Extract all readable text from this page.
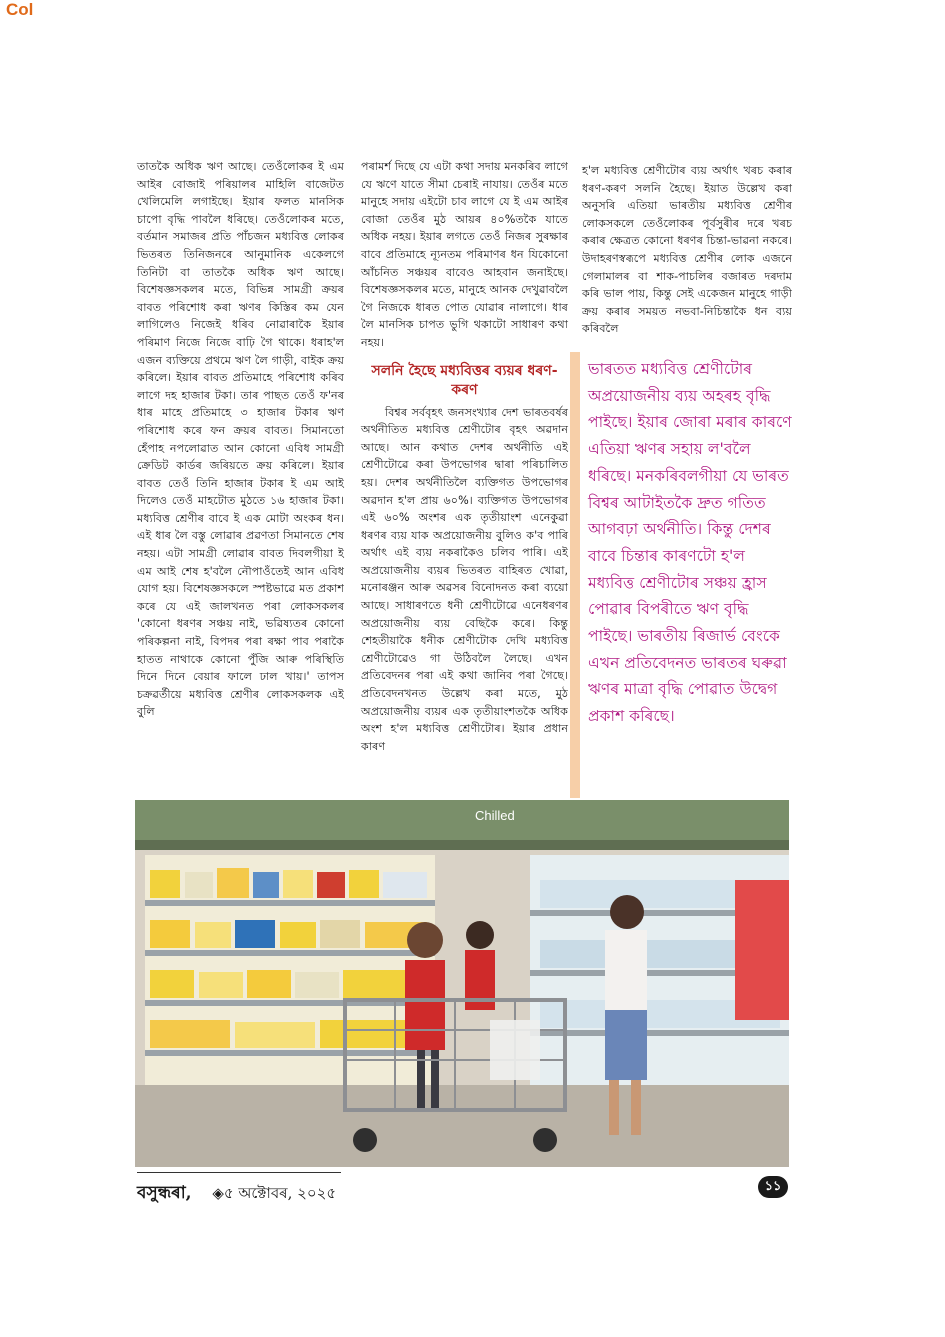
Col

তাতকৈ অধিক ঋণ আছে। তেওঁলোকৰ ই এম আইৰ বোজাই পৰিয়ালৰ মাহিলি বাজেটত খেলিমেলি লগাইছে। ইয়াৰ ফলত মানসিক চাপো বৃদ্ধি পাবলৈ ধৰিছে। তেওঁলোকৰ মতে, বৰ্তমান সমাজৰ প্ৰতি পাঁচজন মধ্যবিত্ত লোকৰ ভিতৰত তিনিজনৰে আনুমানিক একেলগে তিনিটা বা তাতকৈ অধিক ঋণ আছে। বিশেষজ্ঞসকলৰ মতে, বিভিন্ন সামগ্ৰী ক্ৰয়ৰ বাবত পৰিশোধ কৰা ঋণৰ কিস্তিৰ কম যেন লাগিলেও নিজেই ধৰিব নোৱাৰাকৈ ইয়াৰ পৰিমাণ নিজে নিজে বাঢ়ি গৈ থাকে। ধৰাহ'ল এজন ব্যক্তিয়ে প্ৰথমে ঋণ লৈ গাড়ী, বাইক ক্ৰয় কৰিলে। ইয়াৰ বাবত প্ৰতিমাহে পৰিশোধ কৰিব লাগে দহ হাজাৰ টকা। তাৰ পাছত তেওঁ ফ'নৰ ধাৰ মাহে প্ৰতিমাহে ৩ হাজাৰ টকাৰ ঋণ পৰিশোধ কৰে ফন ক্ৰয়ৰ বাবত। সিমানতো হেঁপাহ নপলোৱাত আন কোনো এবিধ সামগ্ৰী ক্ৰেডিট কাৰ্ডৰ জৰিয়তে ক্ৰয় কৰিলে। ইয়াৰ বাবত তেওঁ তিনি হাজাৰ টকাৰ ই এম আই দিলেও তেওঁ মাহটোত মুঠতে ১৬ হাজাৰ টকা। মধ্যবিত্ত শ্ৰেণীৰ বাবে ই এক মোটা অংকৰ ধন। এই ধাৰ লৈ বস্তু লোৱাৰ প্ৰৱণতা সিমানতে শেষ নহয়। এটা সামগ্ৰী লোৱাৰ বাবত দিবলগীয়া ই এম আই শেষ হ'বলৈ নৌপাওঁতেই আন এবিধ যোগ হয়। বিশেষজ্ঞসকলে স্পষ্টভাৱে মত প্ৰকাশ কৰে যে এই জালখনত পৰা লোকসকলৰ 'কোনো ধৰণৰ সঞ্চয় নাই, ভৱিষ্যতৰ কোনো পৰিকল্পনা নাই, বিপদৰ পৰা ৰক্ষা পাব পৰাকৈ হাতত নাথাকে কোনো পুঁজি আৰু পৰিস্থিতি দিনে দিনে বেয়াৰ ফালে ঢাল খায়।' তাপস চক্ৰৱৰ্তীয়ে মধ্যবিত্ত শ্ৰেণীৰ লোকসকলক এই বুলি

পৰামৰ্শ দিছে যে এটা কথা সদায় মনকৰিব লাগে যে ঋণে যাতে সীমা চেৰাই নাযায়। তেওঁৰ মতে মানুহে সদায় এইটো চাব লাগে যে ই এম আইৰ বোজা তেওঁৰ মুঠ আয়ৰ ৪০%তকৈ যাতে অধিক নহয়। ইয়াৰ লগতে তেওঁ নিজৰ সুৰক্ষাৰ বাবে প্ৰতিমাহে ন্যূনতম পৰিমাণৰ ধন যিকোনো আঁচনিত সঞ্চয়ৰ বাবেও আহবান জনাইছে। বিশেষজ্ঞসকলৰ মতে, মানুহে আনক দেখুৱাবলৈ গৈ নিজকে ধাৰত পোত যোৱাৰ নালাগে। ধাৰ লৈ মানসিক চাপত ভুগি থকাটো সাধাৰণ কথা নহয়।

সলনি হৈছে মধ্যবিত্তৰ ব্যয়ৰ ধৰণ-কৰণ

বিশ্বৰ সৰ্ববৃহৎ জনসংখ্যাৰ দেশ ভাৰতবৰ্ষৰ অৰ্থনীতিত মধ্যবিত্ত শ্ৰেণীটোৰ বৃহৎ অৱদান আছে। আন কথাত দেশৰ অৰ্থনীতি এই শ্ৰেণীটোৱে কৰা উপভোগৰ দ্বাৰা পৰিচালিত হয়। দেশৰ অৰ্থনীতিলৈ ব্যক্তিগত উপভোগৰ অৱদান হ'ল প্ৰায় ৬০%। ব্যক্তিগত উপভোগৰ এই ৬০% অংশৰ এক তৃতীয়াংশ এনেকুৱা ধৰণৰ ব্যয় যাক অপ্ৰয়োজনীয় বুলিও ক'ব পাৰি অৰ্থাৎ এই ব্যয় নকৰাকৈও চলিব পাৰি। এই অপ্ৰয়োজনীয় ব্যয়ৰ ভিতৰত বাহিৰত খোৱা, মনোৰঞ্জন আৰু অৱসৰ বিনোদনত কৰা ব্যয়ো আছে। সাধাৰণতে ধনী শ্ৰেণীটোৱে এনেধৰণৰ অপ্ৰয়োজনীয় ব্যয় বেছিকৈ কৰে। কিন্তু শেহতীয়াকৈ ধনীক শ্ৰেণীটোক দেখি মধ্যবিত্ত শ্ৰেণীটোৱেও গা উঠিবলৈ লৈছে। এখন প্ৰতিবেদনৰ পৰা এই কথা জানিব পৰা গৈছে। প্ৰতিবেদনখনত উল্লেখ কৰা মতে, মুঠ অপ্ৰয়োজনীয় ব্যয়ৰ এক তৃতীয়াংশতকৈ অধিক অংশ হ'ল মধ্যবিত্ত শ্ৰেণীটোৰ। ইয়াৰ প্ৰধান কাৰণ

হ'ল মধ্যবিত্ত শ্ৰেণীটোৰ ব্যয় অৰ্থাৎ খৰচ কৰাৰ ধৰণ-কৰণ সলনি হৈছে। ইয়াত উল্লেখ কৰা অনুসৰি এতিয়া ভাৰতীয় মধ্যবিত্ত শ্ৰেণীৰ লোকসকলে তেওঁলোকৰ পূৰ্বসুৰীৰ দৰে খৰচ কৰাৰ ক্ষেত্ৰত কোনো ধৰণৰ চিন্তা-ভাৱনা নকৰে। উদাহৰণস্বৰূপে মধ্যবিত্ত শ্ৰেণীৰ লোক এজনে গেলামালৰ বা শাক-পাচলিৰ বজাৰত দৰদাম কৰি ভাল পায়, কিন্তু সেই একেজন মানুহে গাড়ী ক্ৰয় কৰাৰ সময়ত নভবা-নিচিন্তাকৈ ধন ব্যয় কৰিবলৈ

ভাৰতত মধ্যবিত্ত শ্ৰেণীটোৰ অপ্ৰয়োজনীয় ব্যয় অহৰহ বৃদ্ধি পাইছে। ইয়াৰ জোৰা মৰাৰ কাৰণে এতিয়া ঋণৰ সহায় ল'বলৈ ধৰিছে। মনকৰিবলগীয়া যে ভাৰত বিশ্বৰ আটাইতকৈ দ্ৰুত গতিত আগবঢ়া অৰ্থনীতি। কিন্তু দেশৰ বাবে চিন্তাৰ কাৰণটো হ'ল মধ্যবিত্ত শ্ৰেণীটোৰ সঞ্চয় হ্ৰাস পোৱাৰ বিপৰীতে ঋণ বৃদ্ধি পাইছে। ভাৰতীয় ৰিজাৰ্ভ বেংকে এখন প্ৰতিবেদনত ভাৰতৰ ঘৰুৱা ঋণৰ মাত্ৰা বৃদ্ধি পোৱাত উদ্বেগ প্ৰকাশ কৰিছে।
Chilled
বসুন্ধৰা, ◈৫ অক্টোবৰ, ২০২৫	১১
